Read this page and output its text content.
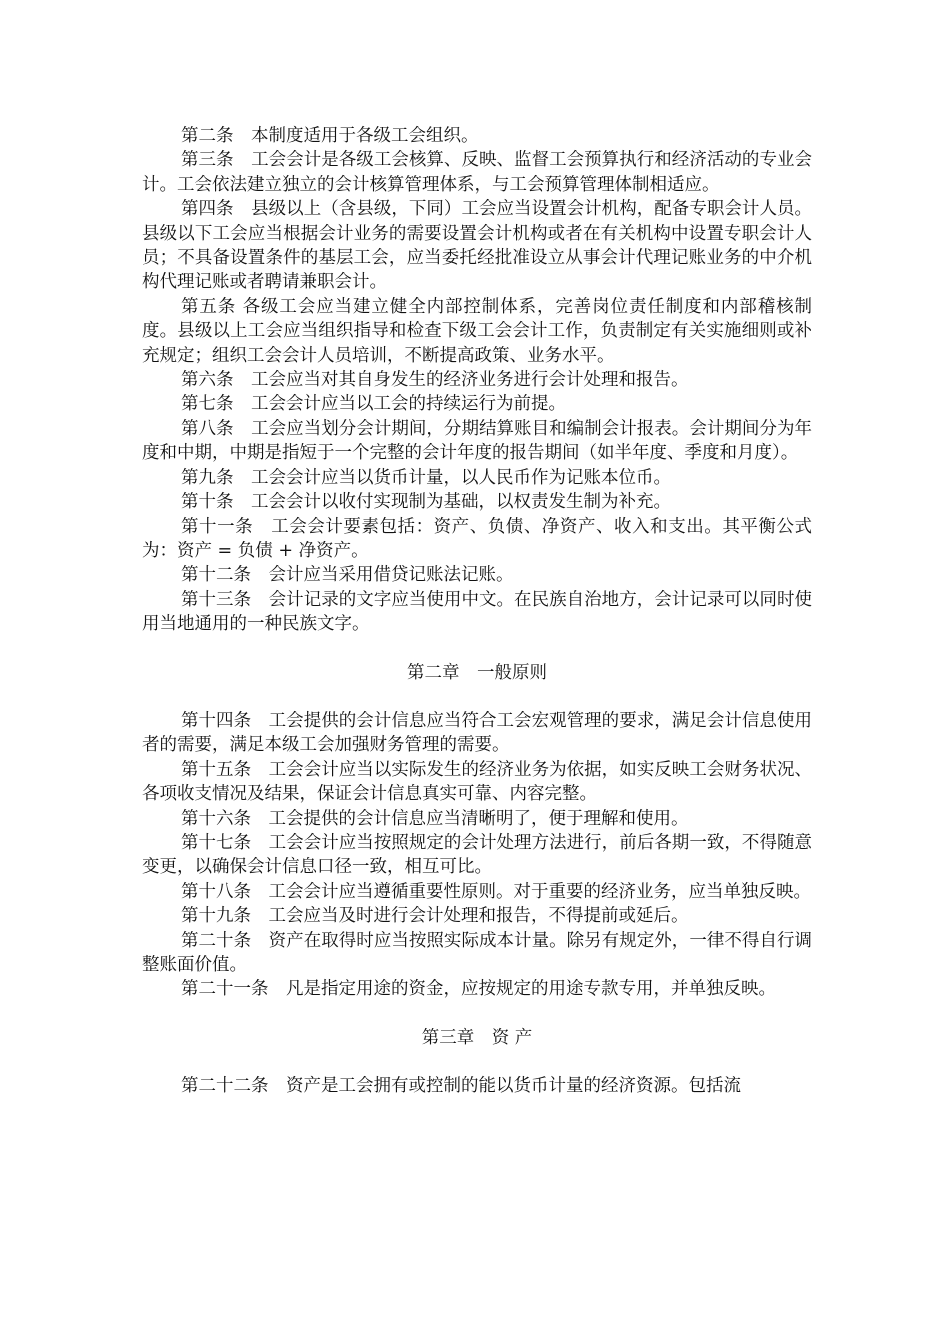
第二条　本制度适用于各级工会组织。

第三条　工会会计是各级工会核算、反映、监督工会预算执行和经济活动的专业会计。工会依法建立独立的会计核算管理体系，与工会预算管理体制相适应。

第四条　县级以上（含县级，下同）工会应当设置会计机构，配备专职会计人员。县级以下工会应当根据会计业务的需要设置会计机构或者在有关机构中设置专职会计人员；不具备设置条件的基层工会，应当委托经批准设立从事会计代理记账业务的中介机构代理记账或者聘请兼职会计。

第五条 各级工会应当建立健全内部控制体系，完善岗位责任制度和内部稽核制度。县级以上工会应当组织指导和检查下级工会会计工作，负责制定有关实施细则或补充规定；组织工会会计人员培训，不断提高政策、业务水平。

第六条　工会应当对其自身发生的经济业务进行会计处理和报告。

第七条　工会会计应当以工会的持续运行为前提。

第八条　工会应当划分会计期间，分期结算账目和编制会计报表。会计期间分为年度和中期，中期是指短于一个完整的会计年度的报告期间（如半年度、季度和月度）。

第九条　工会会计应当以货币计量，以人民币作为记账本位币。

第十条　工会会计以收付实现制为基础，以权责发生制为补充。

第十一条　工会会计要素包括：资产、负债、净资产、收入和支出。其平衡公式为：资产 = 负债 + 净资产。

第十二条　会计应当采用借贷记账法记账。

第十三条　会计记录的文字应当使用中文。在民族自治地方，会计记录可以同时使用当地通用的一种民族文字。

第二章　一般原则

第十四条　工会提供的会计信息应当符合工会宏观管理的要求，满足会计信息使用者的需要，满足本级工会加强财务管理的需要。

第十五条　工会会计应当以实际发生的经济业务为依据，如实反映工会财务状况、各项收支情况及结果，保证会计信息真实可靠、内容完整。

第十六条　工会提供的会计信息应当清晰明了，便于理解和使用。

第十七条　工会会计应当按照规定的会计处理方法进行，前后各期一致，不得随意变更，以确保会计信息口径一致，相互可比。

第十八条　工会会计应当遵循重要性原则。对于重要的经济业务，应当单独反映。

第十九条　工会应当及时进行会计处理和报告，不得提前或延后。

第二十条　资产在取得时应当按照实际成本计量。除另有规定外，一律不得自行调整账面价值。

第二十一条　凡是指定用途的资金，应按规定的用途专款专用，并单独反映。

第三章　资 产

第二十二条　资产是工会拥有或控制的能以货币计量的经济资源。包括流
